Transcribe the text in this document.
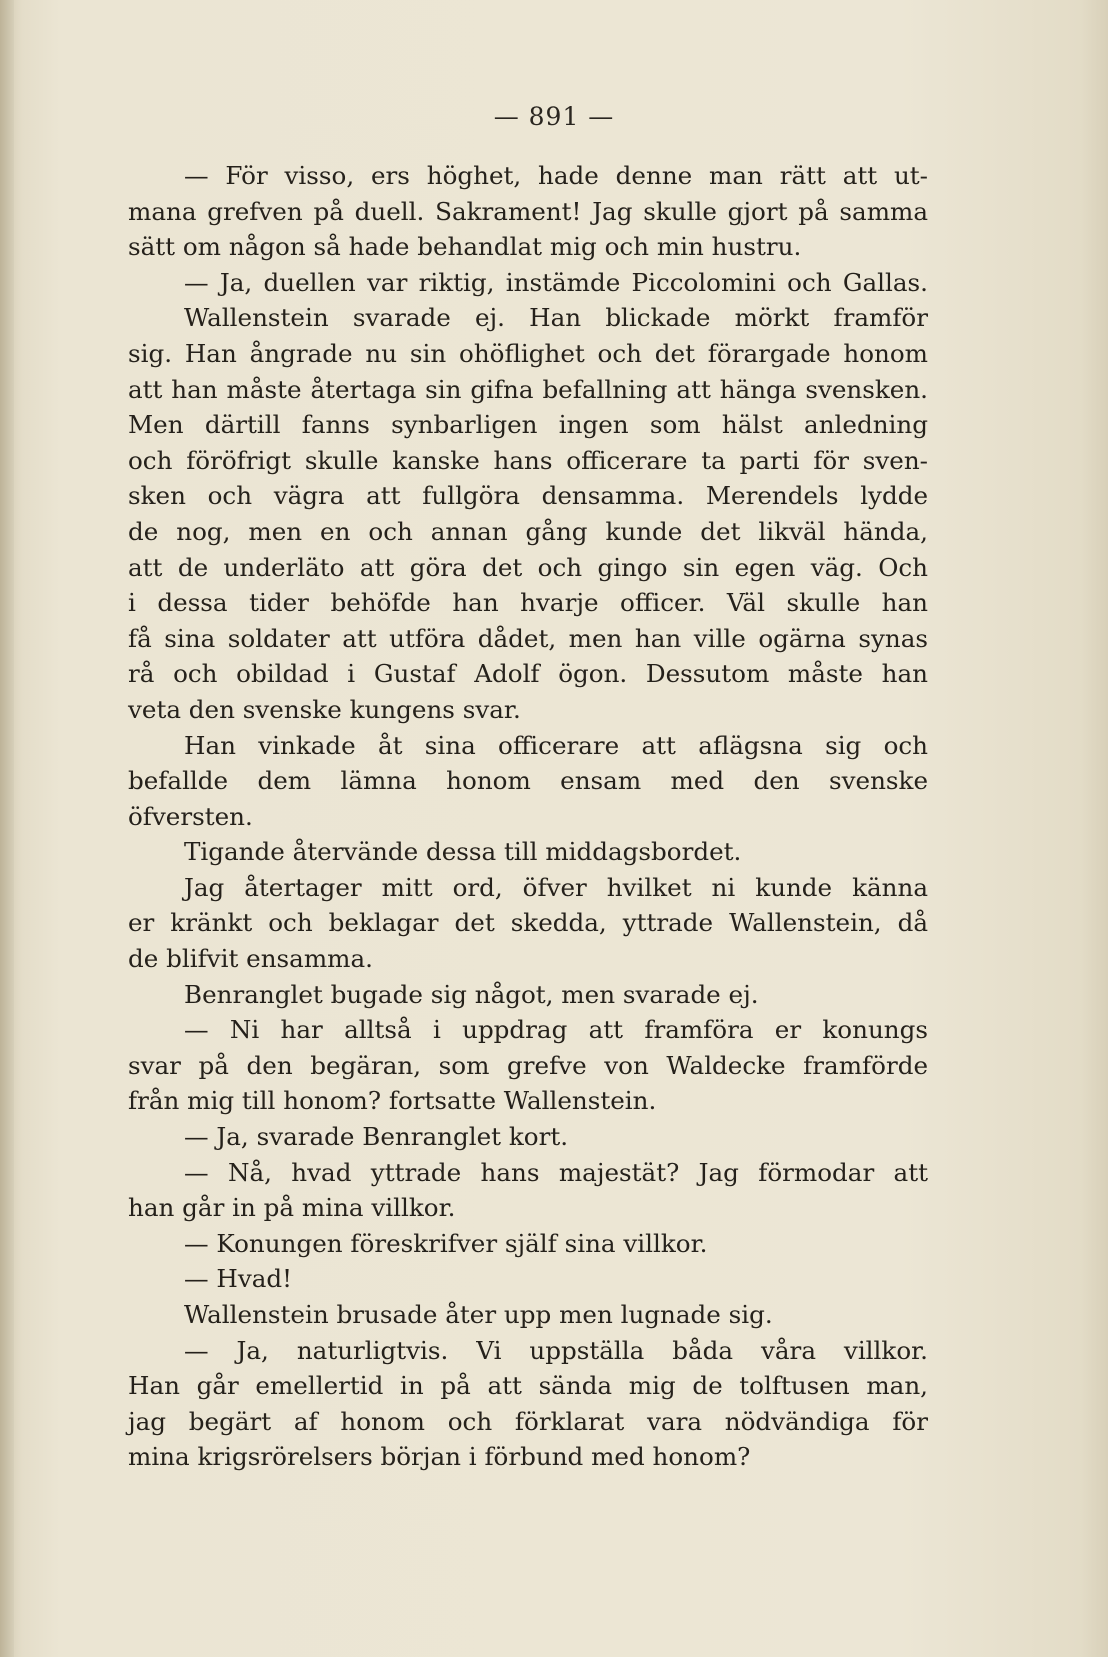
— 891 —
— För visso, ers höghet, hade denne man rätt att ut-
mana grefven på duell. Sakrament! Jag skulle gjort på samma
sätt om någon så hade behandlat mig och min hustru.
— Ja, duellen var riktig, instämde Piccolomini och Gallas.
Wallenstein svarade ej. Han blickade mörkt framför
sig. Han ångrade nu sin ohöflighet och det förargade honom
att han måste återtaga sin gifna befallning att hänga svensken.
Men därtill fanns synbarligen ingen som hälst anledning
och föröfrigt skulle kanske hans officerare ta parti för sven-
sken och vägra att fullgöra densamma. Merendels lydde
de nog, men en och annan gång kunde det likväl hända,
att de underläto att göra det och gingo sin egen väg. Och
i dessa tider behöfde han hvarje officer. Väl skulle han
få sina soldater att utföra dådet, men han ville ogärna synas
rå och obildad i Gustaf Adolf ögon. Dessutom måste han
veta den svenske kungens svar.
Han vinkade åt sina officerare att aflägsna sig och
befallde dem lämna honom ensam med den svenske
öfversten.
Tigande återvände dessa till middagsbordet.
Jag återtager mitt ord, öfver hvilket ni kunde känna
er kränkt och beklagar det skedda, yttrade Wallenstein, då
de blifvit ensamma.
Benranglet bugade sig något, men svarade ej.
— Ni har alltså i uppdrag att framföra er konungs
svar på den begäran, som grefve von Waldecke framförde
från mig till honom? fortsatte Wallenstein.
— Ja, svarade Benranglet kort.
— Nå, hvad yttrade hans majestät? Jag förmodar att
han går in på mina villkor.
— Konungen föreskrifver själf sina villkor.
— Hvad!
Wallenstein brusade åter upp men lugnade sig.
— Ja, naturligtvis. Vi uppställa båda våra villkor.
Han går emellertid in på att sända mig de tolftusen man,
jag begärt af honom och förklarat vara nödvändiga för
mina krigsrörelsers början i förbund med honom?
